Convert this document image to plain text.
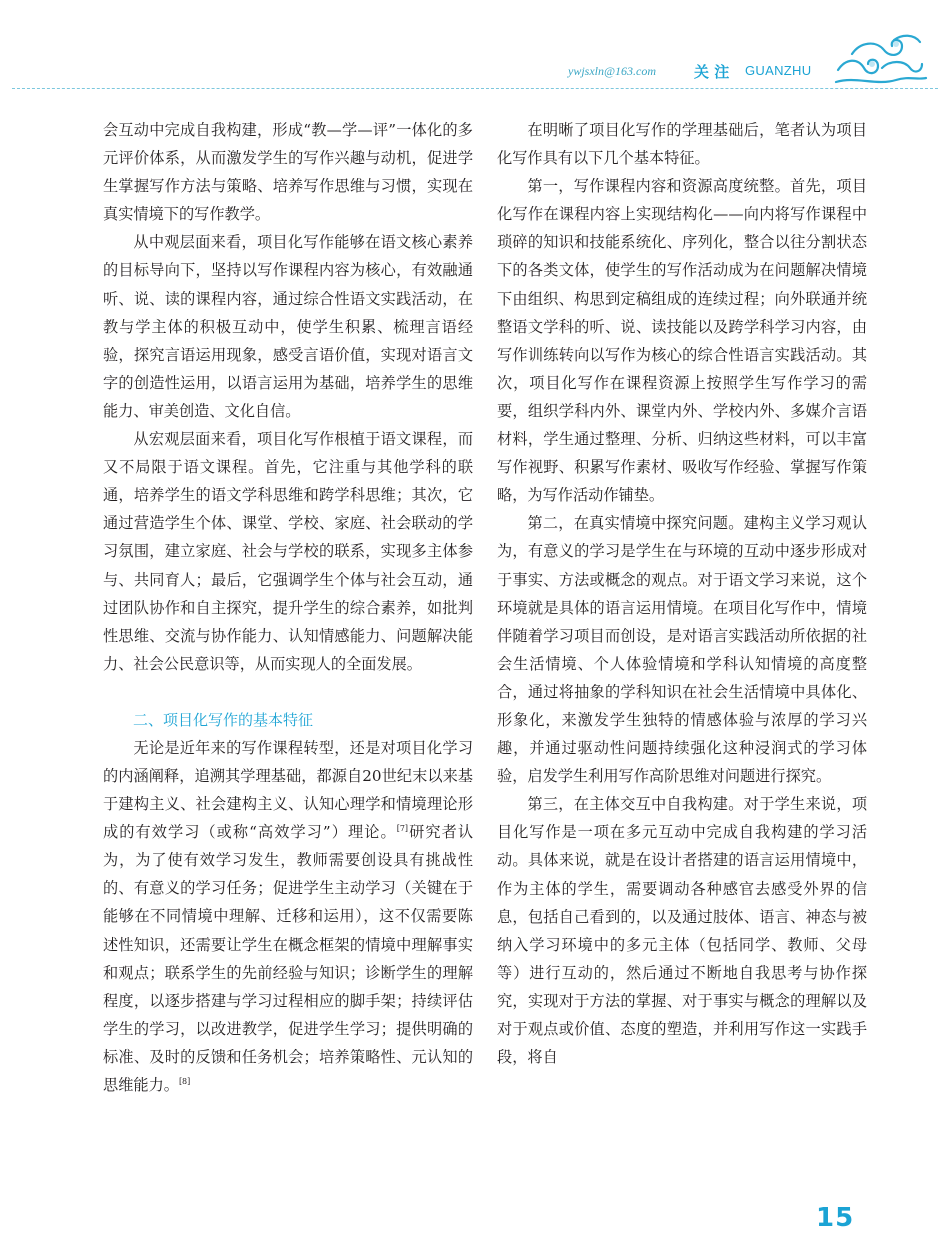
ywjsxln@163.com	关 注 GUANZHU

会互动中完成自我构建，形成“教—学—评”一体化的多元评价体系，从而激发学生的写作兴趣与动机，促进学生掌握写作方法与策略、培养写作思维与习惯，实现在真实情境下的写作教学。

从中观层面来看，项目化写作能够在语文核心素养的目标导向下，坚持以写作课程内容为核心，有效融通听、说、读的课程内容，通过综合性语文实践活动，在教与学主体的积极互动中，使学生积累、梳理言语经验，探究言语运用现象，感受言语价值，实现对语言文字的创造性运用，以语言运用为基础，培养学生的思维能力、审美创造、文化自信。

从宏观层面来看，项目化写作根植于语文课程，而又不局限于语文课程。首先，它注重与其他学科的联通，培养学生的语文学科思维和跨学科思维；其次，它通过营造学生个体、课堂、学校、家庭、社会联动的学习氛围，建立家庭、社会与学校的联系，实现多主体参与、共同育人；最后，它强调学生个体与社会互动，通过团队协作和自主探究，提升学生的综合素养，如批判性思维、交流与协作能力、认知情感能力、问题解决能力、社会公民意识等，从而实现人的全面发展。

二、项目化写作的基本特征

无论是近年来的写作课程转型，还是对项目化学习的内涵阐释，追溯其学理基础，都源自20世纪末以来基于建构主义、社会建构主义、认知心理学和情境理论形成的有效学习（或称“高效学习”）理论。[7]研究者认为，为了使有效学习发生，教师需要创设具有挑战性的、有意义的学习任务；促进学生主动学习（关键在于能够在不同情境中理解、迁移和运用），这不仅需要陈述性知识，还需要让学生在概念框架的情境中理解事实和观点；联系学生的先前经验与知识；诊断学生的理解程度，以逐步搭建与学习过程相应的脚手架；持续评估学生的学习，以改进教学，促进学生学习；提供明确的标准、及时的反馈和任务机会；培养策略性、元认知的思维能力。[8]

在明晰了项目化写作的学理基础后，笔者认为项目化写作具有以下几个基本特征。

第一，写作课程内容和资源高度统整。首先，项目化写作在课程内容上实现结构化——向内将写作课程中琐碎的知识和技能系统化、序列化，整合以往分割状态下的各类文体，使学生的写作活动成为在问题解决情境下由组织、构思到定稿组成的连续过程；向外联通并统整语文学科的听、说、读技能以及跨学科学习内容，由写作训练转向以写作为核心的综合性语言实践活动。其次，项目化写作在课程资源上按照学生写作学习的需要，组织学科内外、课堂内外、学校内外、多媒介言语材料，学生通过整理、分析、归纳这些材料，可以丰富写作视野、积累写作素材、吸收写作经验、掌握写作策略，为写作活动作铺垫。

第二，在真实情境中探究问题。建构主义学习观认为，有意义的学习是学生在与环境的互动中逐步形成对于事实、方法或概念的观点。对于语文学习来说，这个环境就是具体的语言运用情境。在项目化写作中，情境伴随着学习项目而创设，是对语言实践活动所依据的社会生活情境、个人体验情境和学科认知情境的高度整合，通过将抽象的学科知识在社会生活情境中具体化、形象化，来激发学生独特的情感体验与浓厚的学习兴趣，并通过驱动性问题持续强化这种浸润式的学习体验，启发学生利用写作高阶思维对问题进行探究。

第三，在主体交互中自我构建。对于学生来说，项目化写作是一项在多元互动中完成自我构建的学习活动。具体来说，就是在设计者搭建的语言运用情境中，作为主体的学生，需要调动各种感官去感受外界的信息，包括自己看到的，以及通过肢体、语言、神态与被纳入学习环境中的多元主体（包括同学、教师、父母等）进行互动的，然后通过不断地自我思考与协作探究，实现对于方法的掌握、对于事实与概念的理解以及对于观点或价值、态度的塑造，并利用写作这一实践手段，将自

15
